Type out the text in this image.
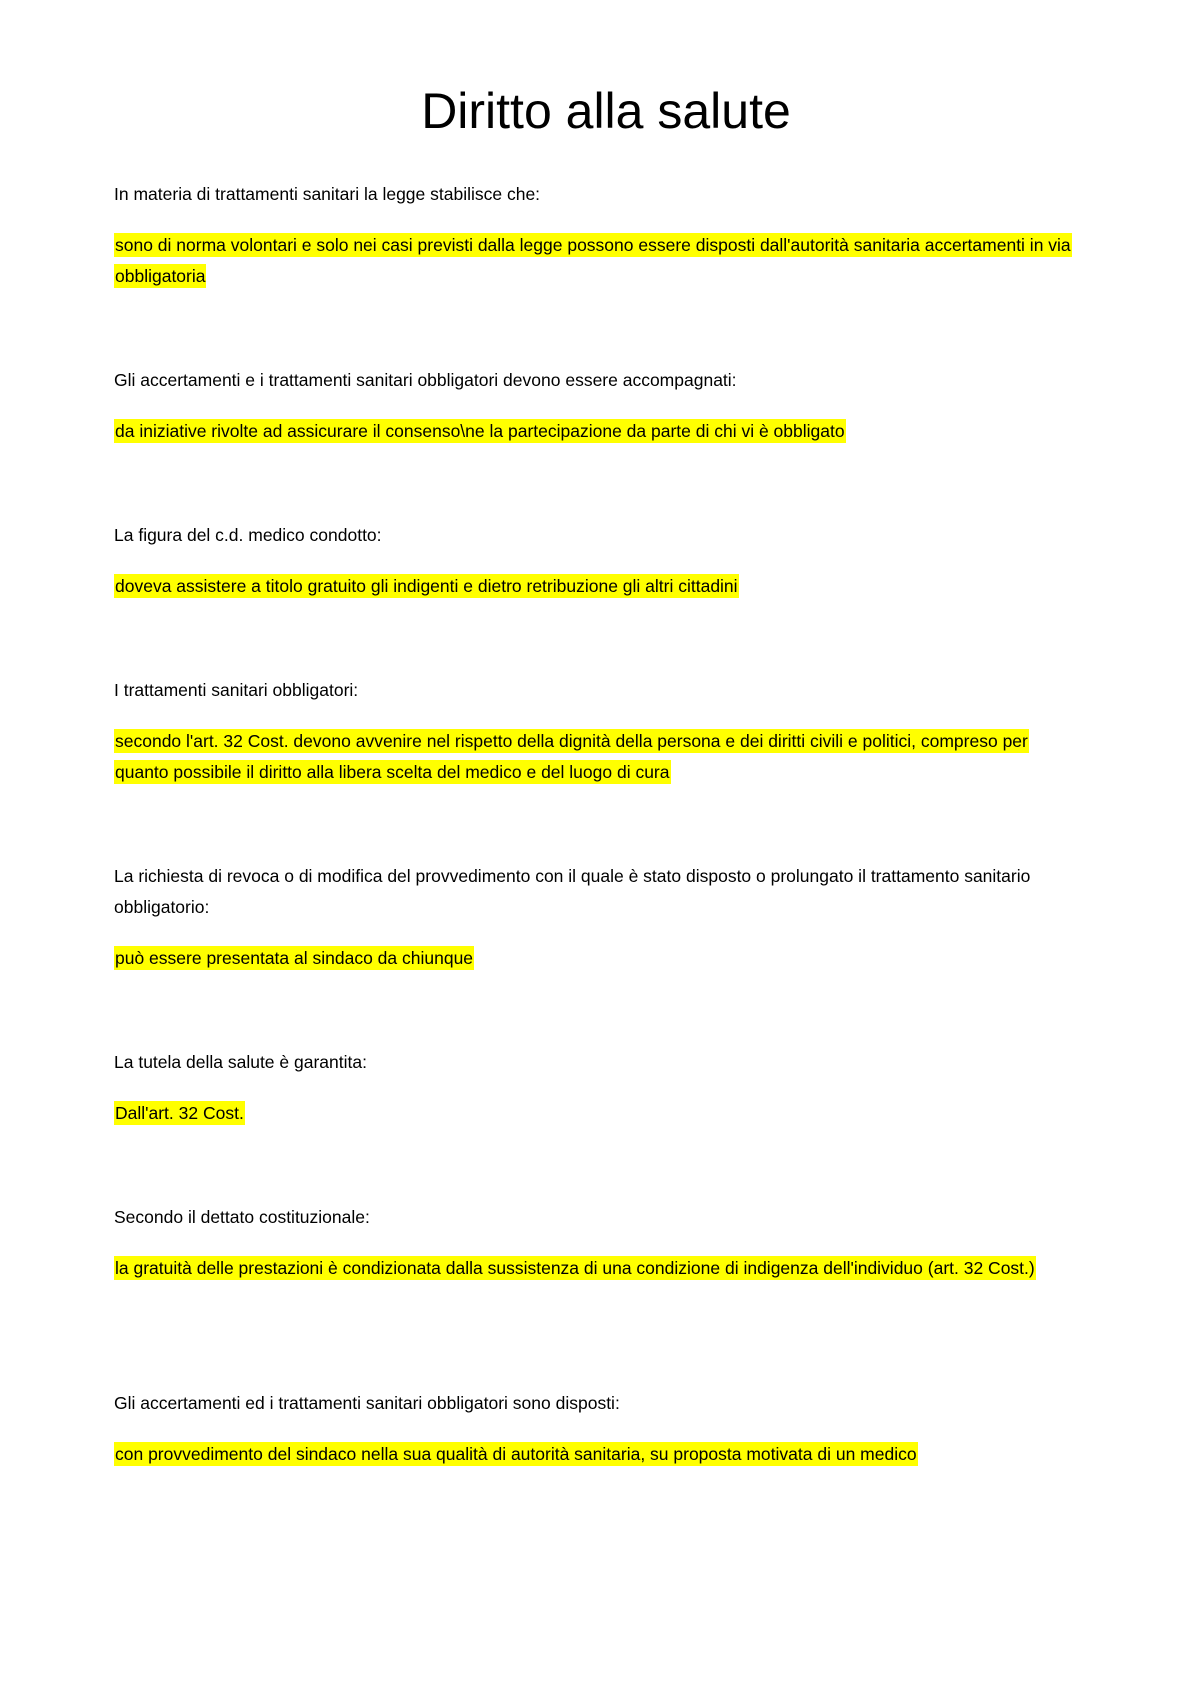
Diritto alla salute

In materia di trattamenti sanitari la legge stabilisce che:

sono di norma volontari e solo nei casi previsti dalla legge possono essere disposti dall'autorità sanitaria accertamenti in via obbligatoria

Gli accertamenti e i trattamenti sanitari obbligatori devono essere accompagnati:

da iniziative rivolte ad assicurare il consenso\ne la partecipazione da parte di chi vi è obbligato

La figura del c.d. medico condotto:

doveva assistere a titolo gratuito gli indigenti e dietro retribuzione gli altri cittadini

I trattamenti sanitari obbligatori:

secondo l'art. 32 Cost. devono avvenire nel rispetto della dignità della persona e dei diritti civili e politici, compreso per quanto possibile il diritto alla libera scelta del medico e del luogo di cura

La richiesta di revoca o di modifica del provvedimento con il quale è stato disposto o prolungato il trattamento sanitario obbligatorio:

può essere presentata al sindaco da chiunque

La tutela della salute è garantita:

Dall'art. 32 Cost.

Secondo il dettato costituzionale:

la gratuità delle prestazioni è condizionata dalla sussistenza di una condizione di indigenza dell'individuo (art. 32 Cost.)

Gli accertamenti ed i trattamenti sanitari obbligatori sono disposti:

con provvedimento del sindaco nella sua qualità di autorità sanitaria, su proposta motivata di un medico
